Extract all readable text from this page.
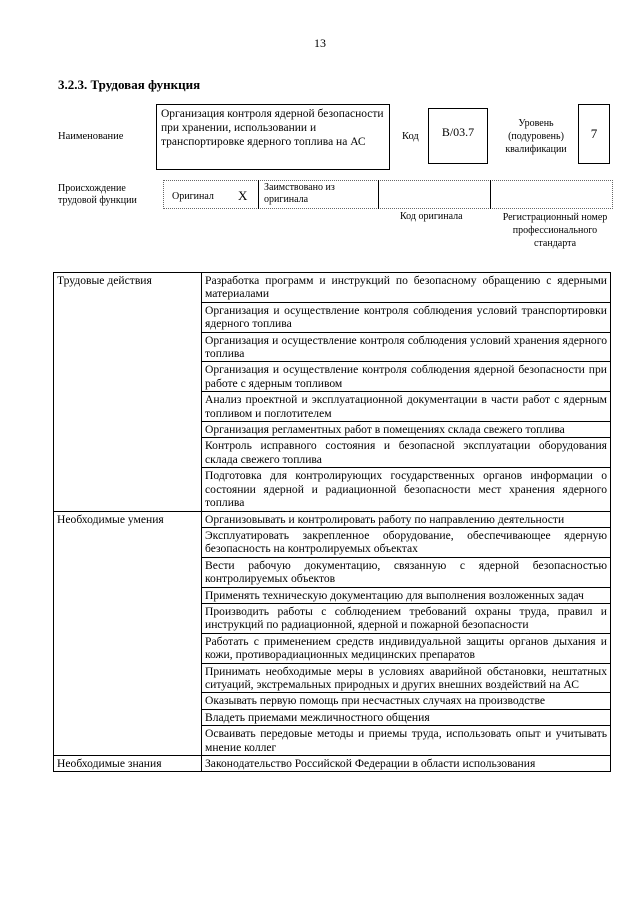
13
3.2.3. Трудовая функция
Наименование
Организация контроля ядерной безопасности при хранении, использовании и транспортировке ядерного топлива на АС	Код B/03.7
Уровень (подуровень) квалификации
7
Происхождение трудовой функции	Оригинал X
Заимствовано из оригинала
Код оригинала	Регистрационный номер профессионального стандарта
Трудовые действия	Разработка программ и инструкций по безопасному обращению с ядерными материалами
	Организация и осуществление контроля соблюдения условий транспортировки ядерного топлива
	Организация и осуществление контроля соблюдения условий хранения ядерного топлива
	Организация и осуществление контроля соблюдения ядерной безопасности при работе с ядерным топливом
	Анализ проектной и эксплуатационной документации в части работ с ядерным топливом и поглотителем
	Организация регламентных работ в помещениях склада свежего топлива
	Контроль исправного состояния и безопасной эксплуатации оборудования склада свежего топлива
	Подготовка для контролирующих государственных органов информации о состоянии ядерной и радиационной безопасности мест хранения ядерного топлива
Необходимые умения	Организовывать и контролировать работу по направлению деятельности
	Эксплуатировать закрепленное оборудование, обеспечивающее ядерную безопасность на контролируемых объектах
	Вести рабочую документацию, связанную с ядерной безопасностью контролируемых объектов
	Применять техническую документацию для выполнения возложенных задач
	Производить работы с соблюдением требований охраны труда, правил и инструкций по радиационной, ядерной и пожарной безопасности
	Работать с применением средств индивидуальной защиты органов дыхания и кожи, противорадиационных медицинских препаратов
	Принимать необходимые меры в условиях аварийной обстановки, нештатных ситуаций, экстремальных природных и других внешних воздействий на АС
	Оказывать первую помощь при несчастных случаях на производстве
	Владеть приемами межличностного общения
	Осваивать передовые методы и приемы труда, использовать опыт и учитывать мнение коллег
Необходимые знания	Законодательство Российской Федерации в области использования
